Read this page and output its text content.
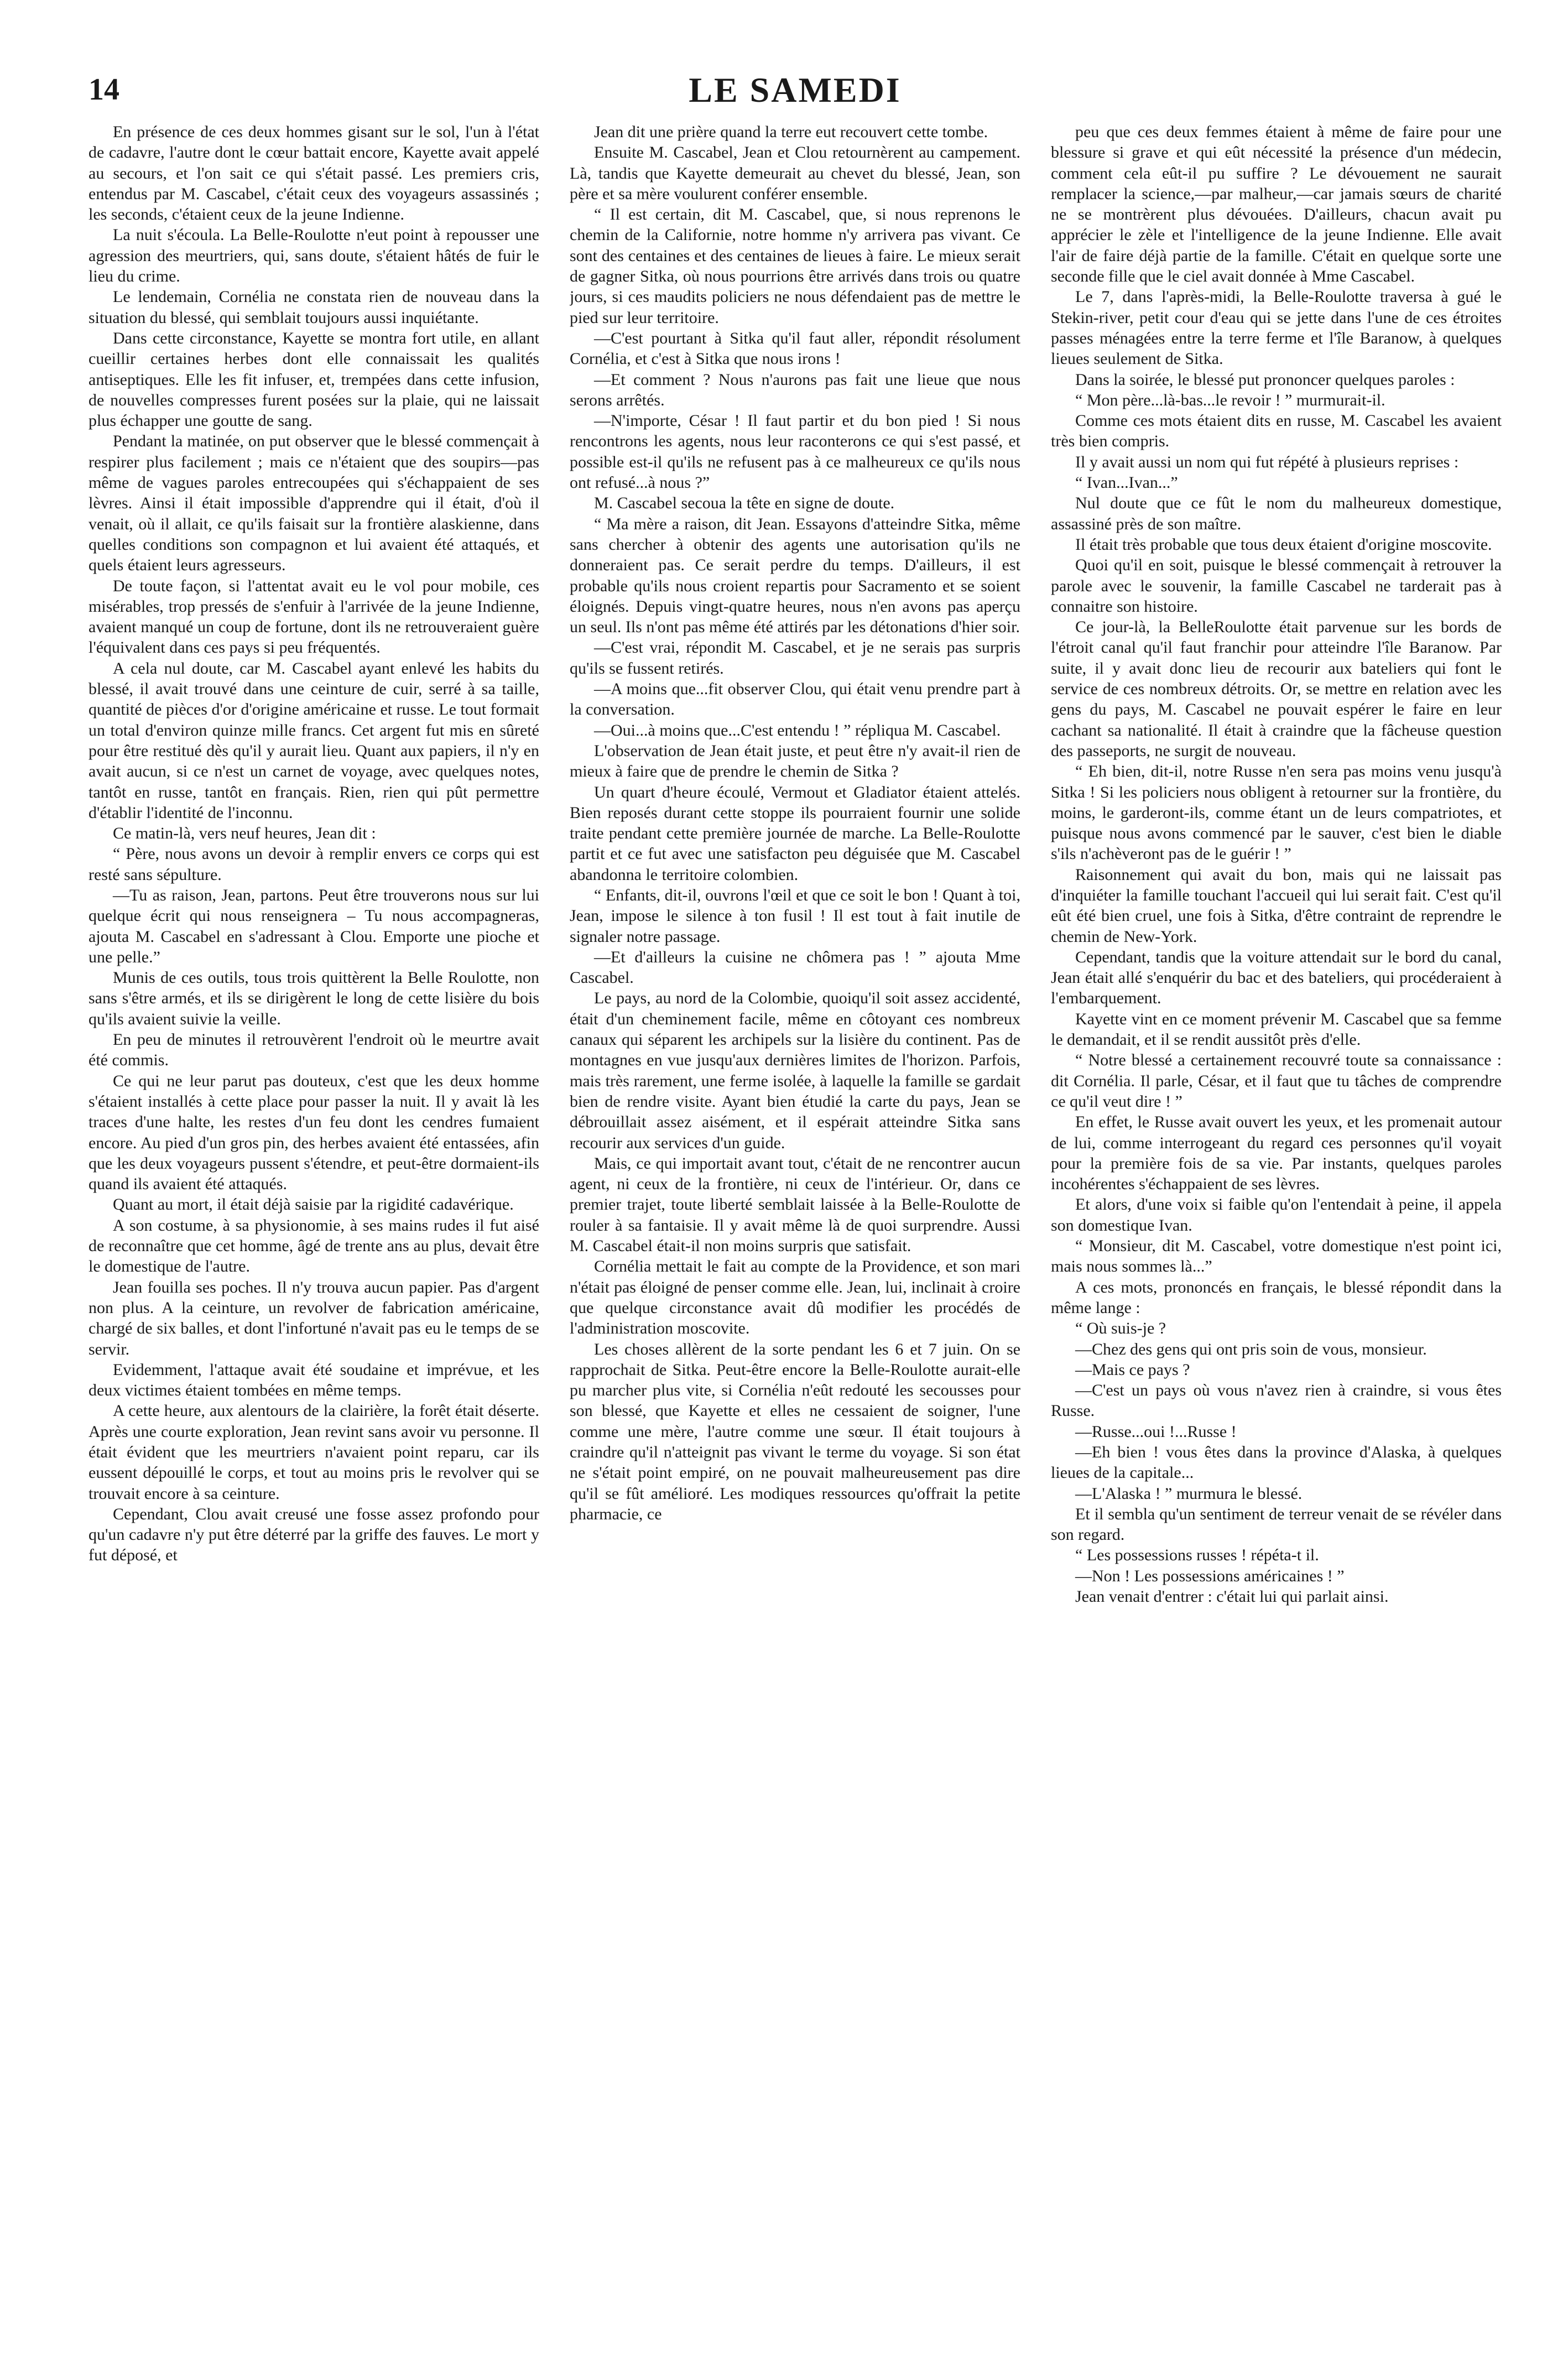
14	LE SAMEDI

En présence de ces deux hommes gisant sur le sol, l'un à l'état de cadavre, l'autre dont le cœur battait encore, Kayette avait appelé au secours, et l'on sait ce qui s'était passé. Les premiers cris, entendus par M. Cascabel, c'était ceux des voyageurs assassinés ; les seconds, c'étaient ceux de la jeune Indienne.

La nuit s'écoula. La Belle-Roulotte n'eut point à repousser une agression des meurtriers, qui, sans doute, s'étaient hâtés de fuir le lieu du crime.

Le lendemain, Cornélia ne constata rien de nouveau dans la situation du blessé, qui semblait toujours aussi inquiétante.

Dans cette circonstance, Kayette se montra fort utile, en allant cueillir certaines herbes dont elle connaissait les qualités antiseptiques. Elle les fit infuser, et, trempées dans cette infusion, de nouvelles compresses furent posées sur la plaie, qui ne laissait plus échapper une goutte de sang.

Pendant la matinée, on put observer que le blessé commençait à respirer plus facilement ; mais ce n'étaient que des soupirs—pas même de vagues paroles entrecoupées qui s'échappaient de ses lèvres. Ainsi il était impossible d'apprendre qui il était, d'où il venait, où il allait, ce qu'ils faisait sur la frontière alaskienne, dans quelles conditions son compagnon et lui avaient été attaqués, et quels étaient leurs agresseurs.

De toute façon, si l'attentat avait eu le vol pour mobile, ces misérables, trop pressés de s'enfuir à l'arrivée de la jeune Indienne, avaient manqué un coup de fortune, dont ils ne retrouveraient guère l'équivalent dans ces pays si peu fréquentés.

A cela nul doute, car M. Cascabel ayant enlevé les habits du blessé, il avait trouvé dans une ceinture de cuir, serré à sa taille, quantité de pièces d'or d'origine américaine et russe. Le tout formait un total d'environ quinze mille francs. Cet argent fut mis en sûreté pour être restitué dès qu'il y aurait lieu. Quant aux papiers, il n'y en avait aucun, si ce n'est un carnet de voyage, avec quelques notes, tantôt en russe, tantôt en français. Rien, rien qui pût permettre d'établir l'identité de l'inconnu.

Ce matin-là, vers neuf heures, Jean dit :

“ Père, nous avons un devoir à remplir envers ce corps qui est resté sans sépulture.

—Tu as raison, Jean, partons. Peut être trouverons nous sur lui quelque écrit qui nous renseignera – Tu nous accompagneras, ajouta M. Cascabel en s'adressant à Clou. Emporte une pioche et une pelle.”

Munis de ces outils, tous trois quittèrent la Belle Roulotte, non sans s'être armés, et ils se dirigèrent le long de cette lisière du bois qu'ils avaient suivie la veille.

En peu de minutes il retrouvèrent l'endroit où le meurtre avait été commis.

Ce qui ne leur parut pas douteux, c'est que les deux homme s'étaient installés à cette place pour passer la nuit. Il y avait là les traces d'une halte, les restes d'un feu dont les cendres fumaient encore. Au pied d'un gros pin, des herbes avaient été entassées, afin que les deux voyageurs pussent s'étendre, et peut-être dormaient-ils quand ils avaient été attaqués.

Quant au mort, il était déjà saisie par la rigidité cadavérique.

A son costume, à sa physionomie, à ses mains rudes il fut aisé de reconnaître que cet homme, âgé de trente ans au plus, devait être le domestique de l'autre.

Jean fouilla ses poches. Il n'y trouva aucun papier. Pas d'argent non plus. A la ceinture, un revolver de fabrication américaine, chargé de six balles, et dont l'infortuné n'avait pas eu le temps de se servir.

Evidemment, l'attaque avait été soudaine et imprévue, et les deux victimes étaient tombées en même temps.

A cette heure, aux alentours de la clairière, la forêt était déserte. Après une courte exploration, Jean revint sans avoir vu personne. Il était évident que les meurtriers n'avaient point reparu, car ils eussent dépouillé le corps, et tout au moins pris le revolver qui se trouvait encore à sa ceinture.

Cependant, Clou avait creusé une fosse assez profondo pour qu'un cadavre n'y put être déterré par la griffe des fauves. Le mort y fut déposé, et

Jean dit une prière quand la terre eut recouvert cette tombe.

Ensuite M. Cascabel, Jean et Clou retournèrent au campement. Là, tandis que Kayette demeurait au chevet du blessé, Jean, son père et sa mère voulurent conférer ensemble.

“ Il est certain, dit M. Cascabel, que, si nous reprenons le chemin de la Californie, notre homme n'y arrivera pas vivant. Ce sont des centaines et des centaines de lieues à faire. Le mieux serait de gagner Sitka, où nous pourrions être arrivés dans trois ou quatre jours, si ces maudits policiers ne nous défendaient pas de mettre le pied sur leur territoire.

—C'est pourtant à Sitka qu'il faut aller, répondit résolument Cornélia, et c'est à Sitka que nous irons !

—Et comment ? Nous n'aurons pas fait une lieue que nous serons arrêtés.

—N'importe, César ! Il faut partir et du bon pied ! Si nous rencontrons les agents, nous leur raconterons ce qui s'est passé, et possible est-il qu'ils ne refusent pas à ce malheureux ce qu'ils nous ont refusé...à nous ?”

M. Cascabel secoua la tête en signe de doute.

“ Ma mère a raison, dit Jean. Essayons d'atteindre Sitka, même sans chercher à obtenir des agents une autorisation qu'ils ne donneraient pas. Ce serait perdre du temps. D'ailleurs, il est probable qu'ils nous croient repartis pour Sacramento et se soient éloignés. Depuis vingt-quatre heures, nous n'en avons pas aperçu un seul. Ils n'ont pas même été attirés par les détonations d'hier soir.

—C'est vrai, répondit M. Cascabel, et je ne serais pas surpris qu'ils se fussent retirés.

—A moins que...fit observer Clou, qui était venu prendre part à la conversation.

—Oui...à moins que...C'est entendu ! ” répliqua M. Cascabel.

L'observation de Jean était juste, et peut être n'y avait-il rien de mieux à faire que de prendre le chemin de Sitka ?

Un quart d'heure écoulé, Vermout et Gladiator étaient attelés. Bien reposés durant cette stoppe ils pourraient fournir une solide traite pendant cette première journée de marche. La Belle-Roulotte partit et ce fut avec une satisfacton peu déguisée que M. Cascabel abandonna le territoire colombien.

“ Enfants, dit-il, ouvrons l'œil et que ce soit le bon ! Quant à toi, Jean, impose le silence à ton fusil ! Il est tout à fait inutile de signaler notre passage.

—Et d'ailleurs la cuisine ne chômera pas ! ” ajouta Mme Cascabel.

Le pays, au nord de la Colombie, quoiqu'il soit assez accidenté, était d'un cheminement facile, même en côtoyant ces nombreux canaux qui séparent les archipels sur la lisière du continent. Pas de montagnes en vue jusqu'aux dernières limites de l'horizon. Parfois, mais très rarement, une ferme isolée, à laquelle la famille se gardait bien de rendre visite. Ayant bien étudié la carte du pays, Jean se débrouillait assez aisément, et il espérait atteindre Sitka sans recourir aux services d'un guide.

Mais, ce qui importait avant tout, c'était de ne rencontrer aucun agent, ni ceux de la frontière, ni ceux de l'intérieur. Or, dans ce premier trajet, toute liberté semblait laissée à la Belle-Roulotte de rouler à sa fantaisie. Il y avait même là de quoi surprendre. Aussi M. Cascabel était-il non moins surpris que satisfait.

Cornélia mettait le fait au compte de la Providence, et son mari n'était pas éloigné de penser comme elle. Jean, lui, inclinait à croire que quelque circonstance avait dû modifier les procédés de l'administration moscovite.

Les choses allèrent de la sorte pendant les 6 et 7 juin. On se rapprochait de Sitka. Peut-être encore la Belle-Roulotte aurait-elle pu marcher plus vite, si Cornélia n'eût redouté les secousses pour son blessé, que Kayette et elles ne cessaient de soigner, l'une comme une mère, l'autre comme une sœur. Il était toujours à craindre qu'il n'atteignit pas vivant le terme du voyage. Si son état ne s'était point empiré, on ne pouvait malheureusement pas dire qu'il se fût amélioré. Les modiques ressources qu'offrait la petite pharmacie, ce

peu que ces deux femmes étaient à même de faire pour une blessure si grave et qui eût nécessité la présence d'un médecin, comment cela eût-il pu suffire ? Le dévouement ne saurait remplacer la science,—par malheur,—car jamais sœurs de charité ne se montrèrent plus dévouées. D'ailleurs, chacun avait pu apprécier le zèle et l'intelligence de la jeune Indienne. Elle avait l'air de faire déjà partie de la famille. C'était en quelque sorte une seconde fille que le ciel avait donnée à Mme Cascabel.

Le 7, dans l'après-midi, la Belle-Roulotte traversa à gué le Stekin-river, petit cour d'eau qui se jette dans l'une de ces étroites passes ménagées entre la terre ferme et l'île Baranow, à quelques lieues seulement de Sitka.

Dans la soirée, le blessé put prononcer quelques paroles :

“ Mon père...là-bas...le revoir ! ” murmurait-il.

Comme ces mots étaient dits en russe, M. Cascabel les avaient très bien compris.

Il y avait aussi un nom qui fut répété à plusieurs reprises :

“ Ivan...Ivan...”

Nul doute que ce fût le nom du malheureux domestique, assassiné près de son maître.

Il était très probable que tous deux étaient d'origine moscovite.

Quoi qu'il en soit, puisque le blessé commençait à retrouver la parole avec le souvenir, la famille Cascabel ne tarderait pas à connaitre son histoire.

Ce jour-là, la BelleRoulotte était parvenue sur les bords de l'étroit canal qu'il faut franchir pour atteindre l'île Baranow. Par suite, il y avait donc lieu de recourir aux bateliers qui font le service de ces nombreux détroits. Or, se mettre en relation avec les gens du pays, M. Cascabel ne pouvait espérer le faire en leur cachant sa nationalité. Il était à craindre que la fâcheuse question des passeports, ne surgit de nouveau.

“ Eh bien, dit-il, notre Russe n'en sera pas moins venu jusqu'à Sitka ! Si les policiers nous obligent à retourner sur la frontière, du moins, le garderont-ils, comme étant un de leurs compatriotes, et puisque nous avons commencé par le sauver, c'est bien le diable s'ils n'achèveront pas de le guérir ! ”

Raisonnement qui avait du bon, mais qui ne laissait pas d'inquiéter la famille touchant l'accueil qui lui serait fait. C'est qu'il eût été bien cruel, une fois à Sitka, d'être contraint de reprendre le chemin de New-York.

Cependant, tandis que la voiture attendait sur le bord du canal, Jean était allé s'enquérir du bac et des bateliers, qui procéderaient à l'embarquement.

Kayette vint en ce moment prévenir M. Cascabel que sa femme le demandait, et il se rendit aussitôt près d'elle.

“ Notre blessé a certainement recouvré toute sa connaissance : dit Cornélia. Il parle, César, et il faut que tu tâches de comprendre ce qu'il veut dire ! ”

En effet, le Russe avait ouvert les yeux, et les promenait autour de lui, comme interrogeant du regard ces personnes qu'il voyait pour la première fois de sa vie. Par instants, quelques paroles incohérentes s'échappaient de ses lèvres.

Et alors, d'une voix si faible qu'on l'entendait à peine, il appela son domestique Ivan.

“ Monsieur, dit M. Cascabel, votre domestique n'est point ici, mais nous sommes là...”

A ces mots, prononcés en français, le blessé répondit dans la même lange :

“ Où suis-je ?

—Chez des gens qui ont pris soin de vous, monsieur.

—Mais ce pays ?

—C'est un pays où vous n'avez rien à craindre, si vous êtes Russe.

—Russe...oui !...Russe !

—Eh bien ! vous êtes dans la province d'Alaska, à quelques lieues de la capitale...

—L'Alaska ! ” murmura le blessé.

Et il sembla qu'un sentiment de terreur venait de se révéler dans son regard.

“ Les possessions russes ! répéta-t il.

—Non ! Les possessions américaines ! ”

Jean venait d'entrer : c'était lui qui parlait ainsi.
